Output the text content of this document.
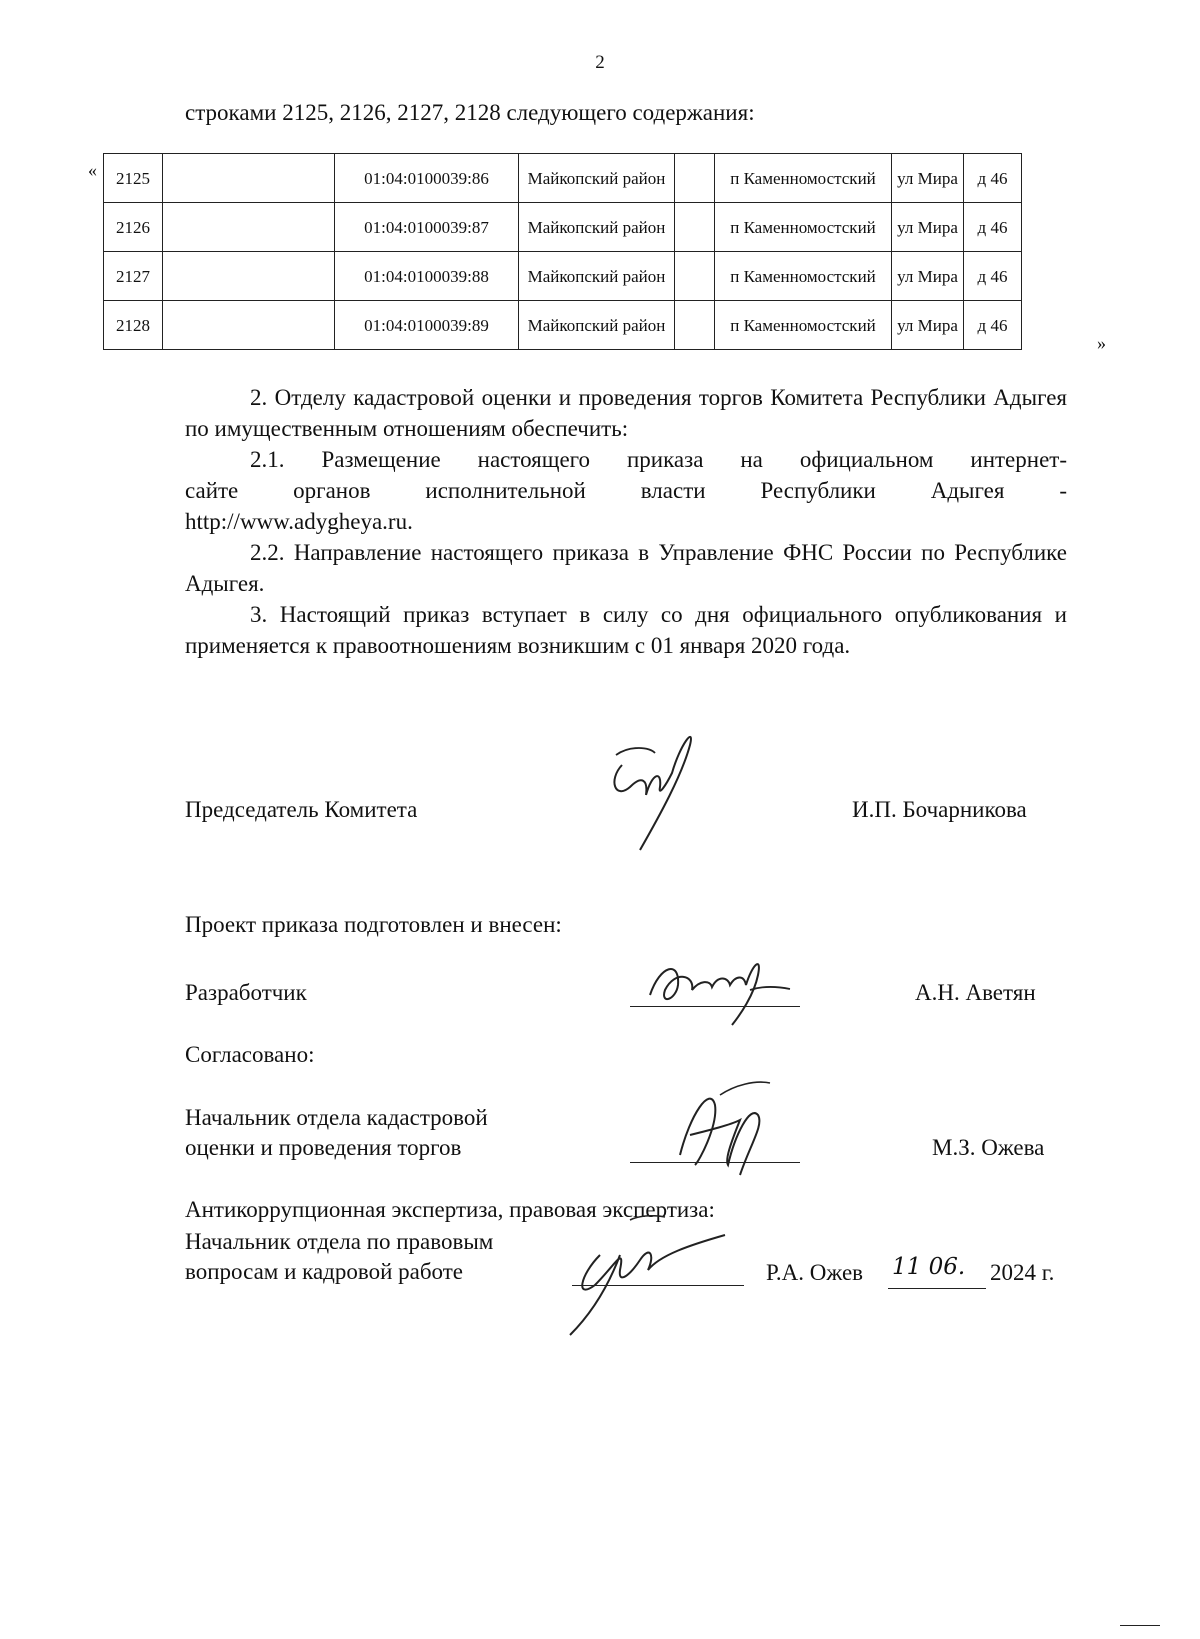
2
строками 2125, 2126, 2127, 2128 следующего содержания:
« 2125		01:04:0100039:86	Майкопский район		п Каменномостский	ул Мира	д 46
2126		01:04:0100039:87	Майкопский район		п Каменномостский	ул Мира	д 46
2127		01:04:0100039:88	Майкопский район		п Каменномостский	ул Мира	д 46
2128		01:04:0100039:89	Майкопский район		п Каменномостский	ул Мира	д 46
»

2. Отделу кадастровой оценки и проведения торгов Комитета Республики Адыгея по имущественным отношениям обеспечить:

2.1. Размещение настоящего приказа на официальном интернет-

сайте органов исполнительной власти Республики Адыгея -

http://www.adygheya.ru.

2.2. Направление настоящего приказа в Управление ФНС России по Республике Адыгея.

3. Настоящий приказ вступает в силу со дня официального опубликования и применяется к правоотношениям возникшим с 01 января 2020 года.

Председатель Комитета	И.П. Бочарникова
Проект приказа подготовлен и внесен:
Разработчик	А.Н. Аветян
Согласовано:
Начальник отдела кадастровой
оценки и проведения торгов	М.З. Ожева
Антикоррупционная экспертиза, правовая экспертиза:
Начальник отдела по правовым
вопросам и кадровой работе	Р.А. Ожев 11 06. 2024 г.
